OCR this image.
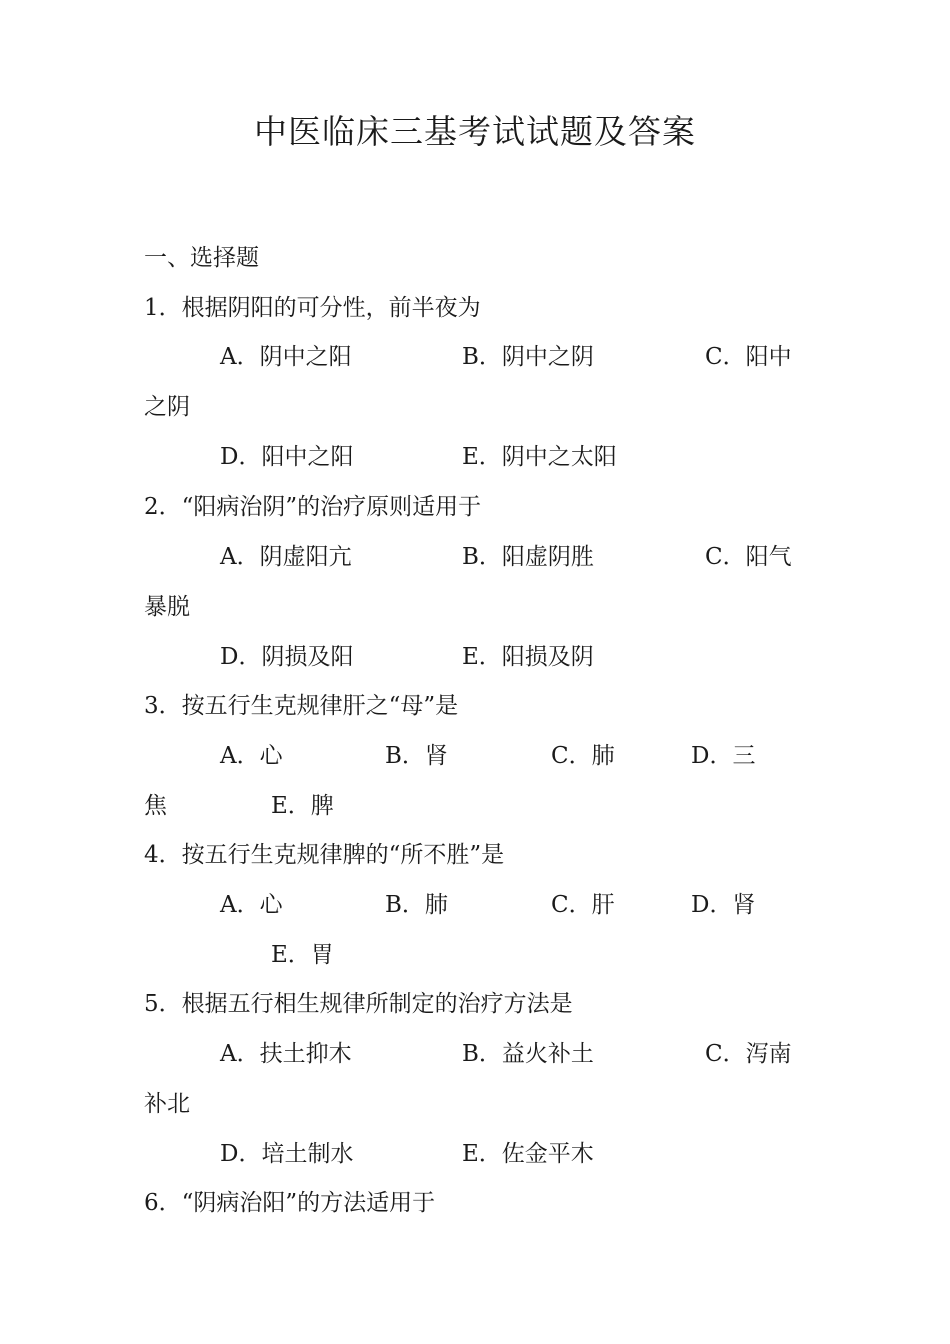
中医临床三基考试试题及答案
一、选择题
1．根据阴阳的可分性，前半夜为
A．阴中之阳	B．阴中之阴	C．阳中
之阴
D．阳中之阳	E．阴中之太阳
2．“阳病治阴”的治疗原则适用于
A．阴虚阳亢	B．阳虚阴胜	C．阳气
暴脱
D．阴损及阳	E．阳损及阴
3．按五行生克规律肝之“母”是
A．心	B．肾	C．肺	D．三
焦	E．脾
4．按五行生克规律脾的“所不胜”是
A．心	B．肺	C．肝	D．肾
E．胃
5．根据五行相生规律所制定的治疗方法是
A．扶土抑木	B．益火补土	C．泻南
补北
D．培土制水	E．佐金平木
6．“阴病治阳”的方法适用于
